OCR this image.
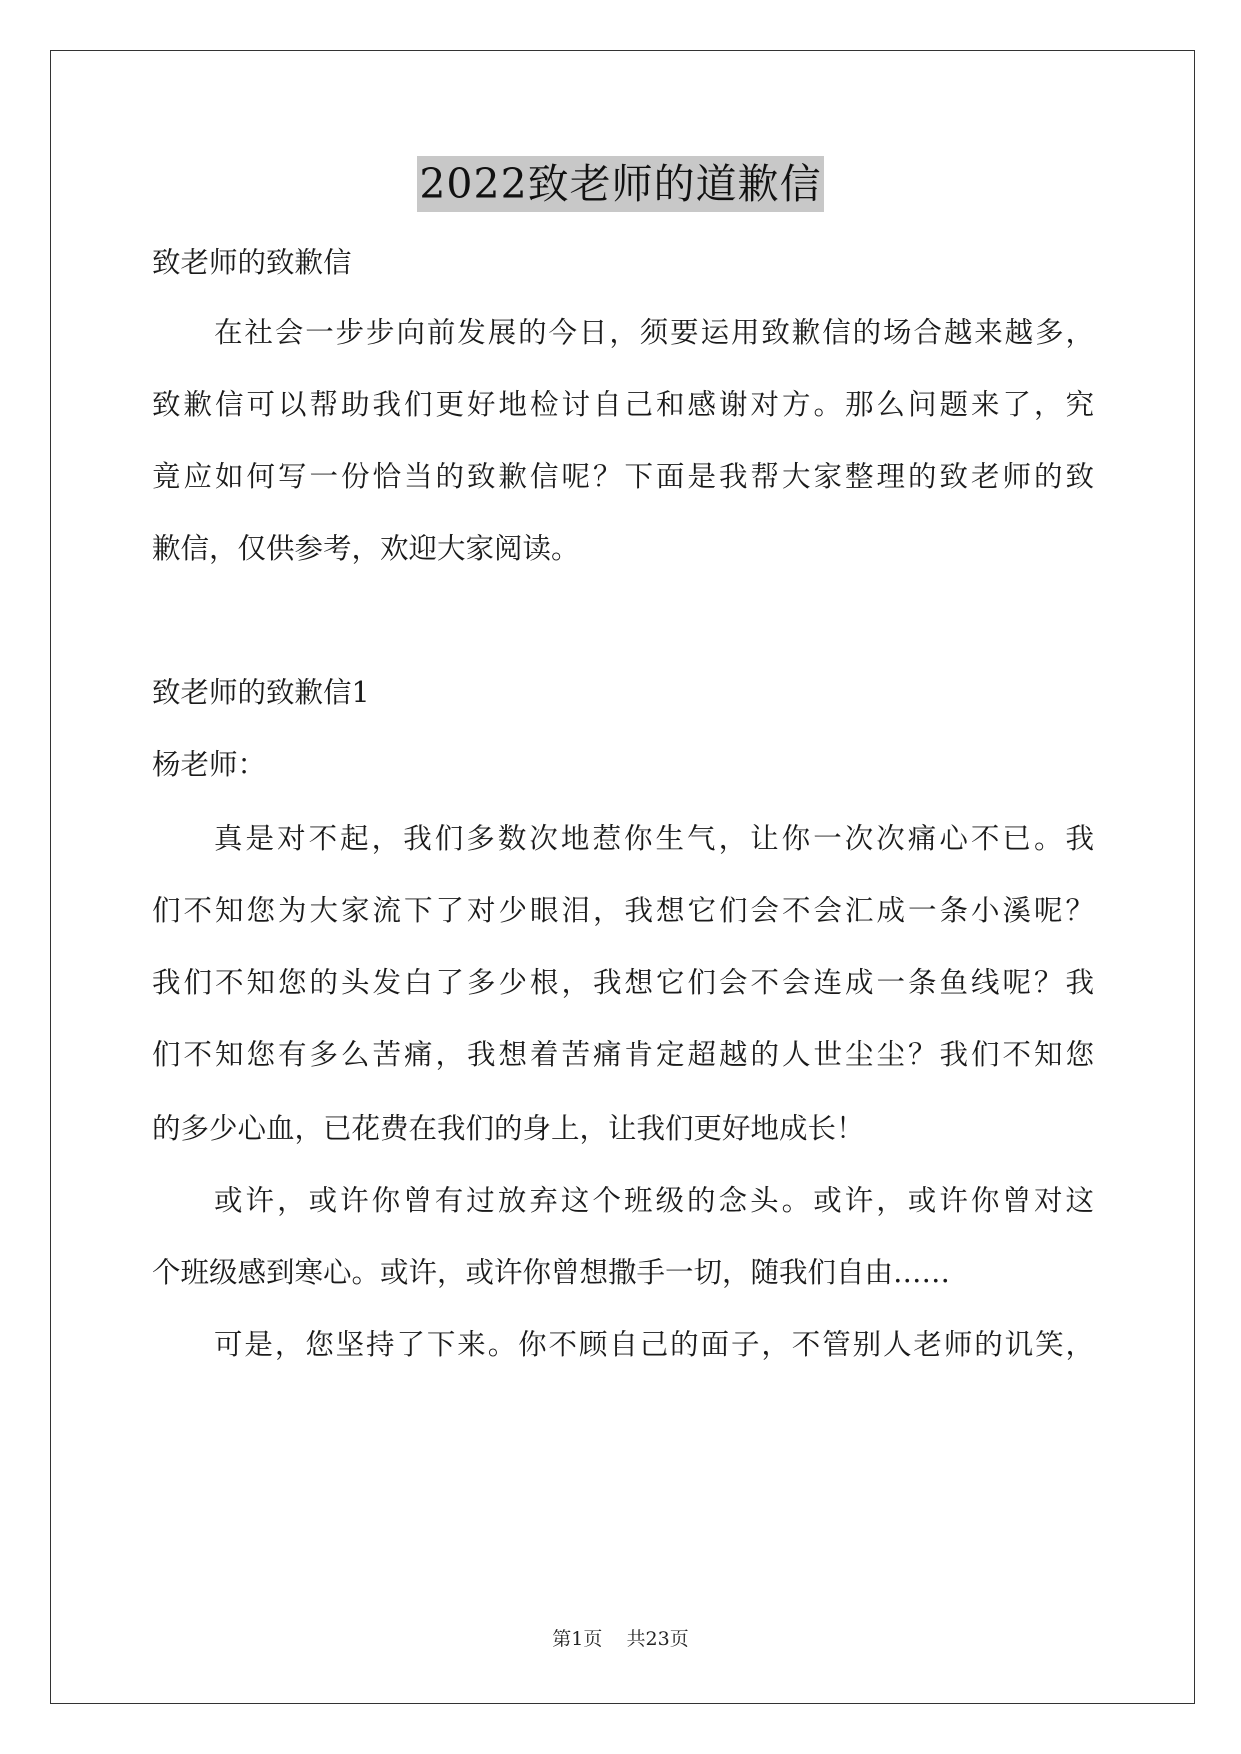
2022致老师的道歉信
致老师的致歉信
在社会一步步向前发展的今日，须要运用致歉信的场合越来越多，
致歉信可以帮助我们更好地检讨自己和感谢对方。那么问题来了，究
竟应如何写一份恰当的致歉信呢？下面是我帮大家整理的致老师的致
歉信，仅供参考，欢迎大家阅读。
致老师的致歉信1
杨老师：
真是对不起，我们多数次地惹你生气，让你一次次痛心不已。我
们不知您为大家流下了对少眼泪，我想它们会不会汇成一条小溪呢？
我们不知您的头发白了多少根，我想它们会不会连成一条鱼线呢？我
们不知您有多么苦痛，我想着苦痛肯定超越的人世尘尘？我们不知您
的多少心血，已花费在我们的身上，让我们更好地成长！
或许，或许你曾有过放弃这个班级的念头。或许，或许你曾对这
个班级感到寒心。或许，或许你曾想撒手一切，随我们自由……
可是，您坚持了下来。你不顾自己的面子，不管别人老师的讥笑，
第1页 共23页
